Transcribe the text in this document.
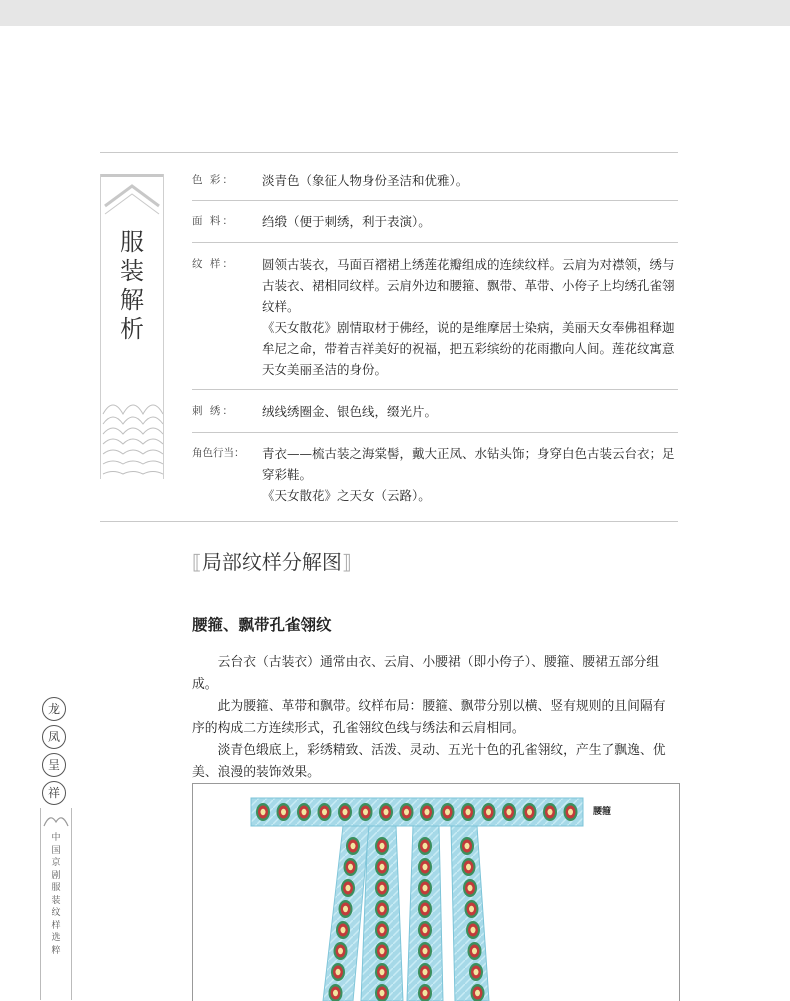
服
装
解
析
色 彩：	淡青色（象征人物身份圣洁和优雅）。
面 料：	绉缎（便于刺绣，利于表演）。
纹 样：	圆领古装衣，马面百褶裙上绣莲花瓣组成的连续纹样。云肩为对襟领，绣与古装衣、裙相同纹样。云肩外边和腰箍、飘带、革带、小侉子上均绣孔雀翎纹样。

《天女散花》剧情取材于佛经，说的是维摩居士染病，美丽天女奉佛祖释迦牟尼之命，带着吉祥美好的祝福，把五彩缤纷的花雨撒向人间。莲花纹寓意天女美丽圣洁的身份。

刺 绣：	绒线绣圈金、银色线，缀光片。
角色行当：	青衣——梳古装之海棠髻，戴大正凤、水钻头饰；身穿白色古装云台衣；足穿彩鞋。

《天女散花》之天女（云路）。

⟦局部纹样分解图⟧
腰箍、飘带孔雀翎纹

云台衣（古装衣）通常由衣、云肩、小腰裙（即小侉子）、腰箍、腰裙五部分组成。

此为腰箍、革带和飘带。纹样布局：腰箍、飘带分别以横、竖有规则的且间隔有序的构成二方连续形式，孔雀翎纹色线与绣法和云肩相同。

淡青色缎底上，彩绣精致、活泼、灵动、五光十色的孔雀翎纹，产生了飘逸、优美、浪漫的装饰效果。

腰箍
龙
凤
呈
祥
中
国
京
剧
服
装
纹
样
选
粹
